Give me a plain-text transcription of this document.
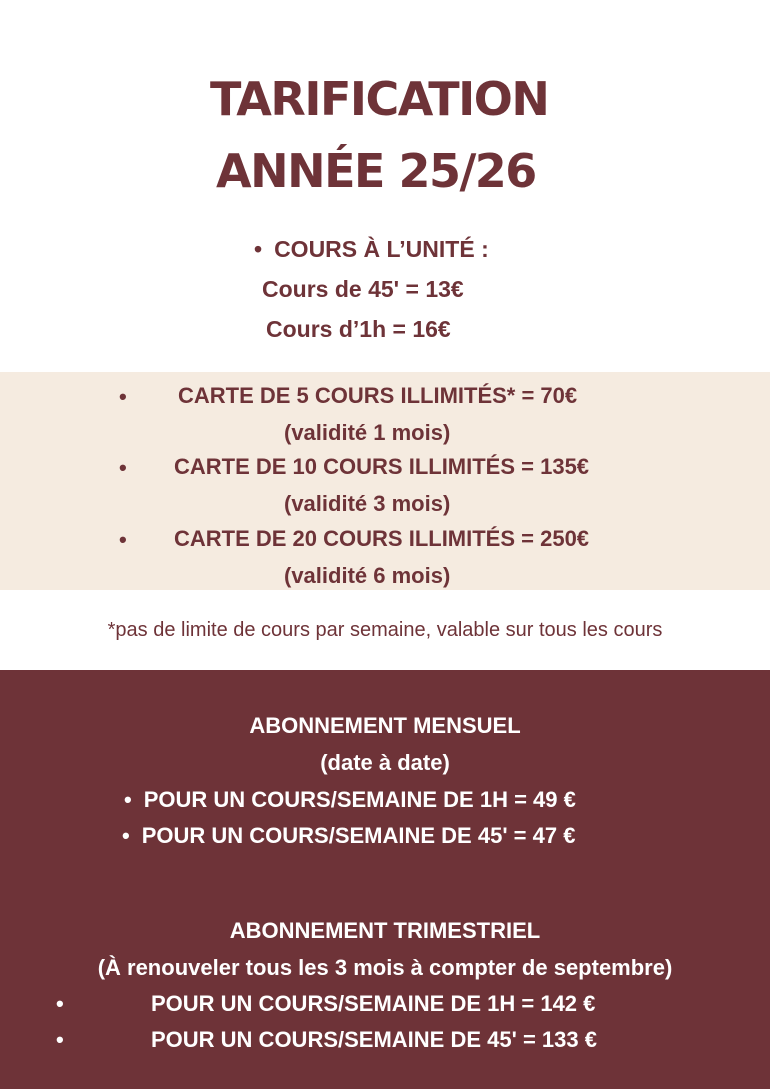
TARIFICATION
ANNÉE 25/26
• COURS À L’UNITÉ :
Cours de 45' = 13€
Cours d’1h = 16€
• CARTE DE 5 COURS ILLIMITÉS* = 70€
(validité 1 mois)
• CARTE DE 10 COURS ILLIMITÉS = 135€
(validité 3 mois)
• CARTE DE 20 COURS ILLIMITÉS = 250€
(validité 6 mois)
*pas de limite de cours par semaine, valable sur tous les cours
ABONNEMENT MENSUEL
(date à date)
• POUR UN COURS/SEMAINE DE 1H = 49 €
• POUR UN COURS/SEMAINE DE 45' = 47 €
ABONNEMENT TRIMESTRIEL
(À renouveler tous les 3 mois à compter de septembre)
•	POUR UN COURS/SEMAINE DE 1H = 142 €
•	POUR UN COURS/SEMAINE DE 45' = 133 €
